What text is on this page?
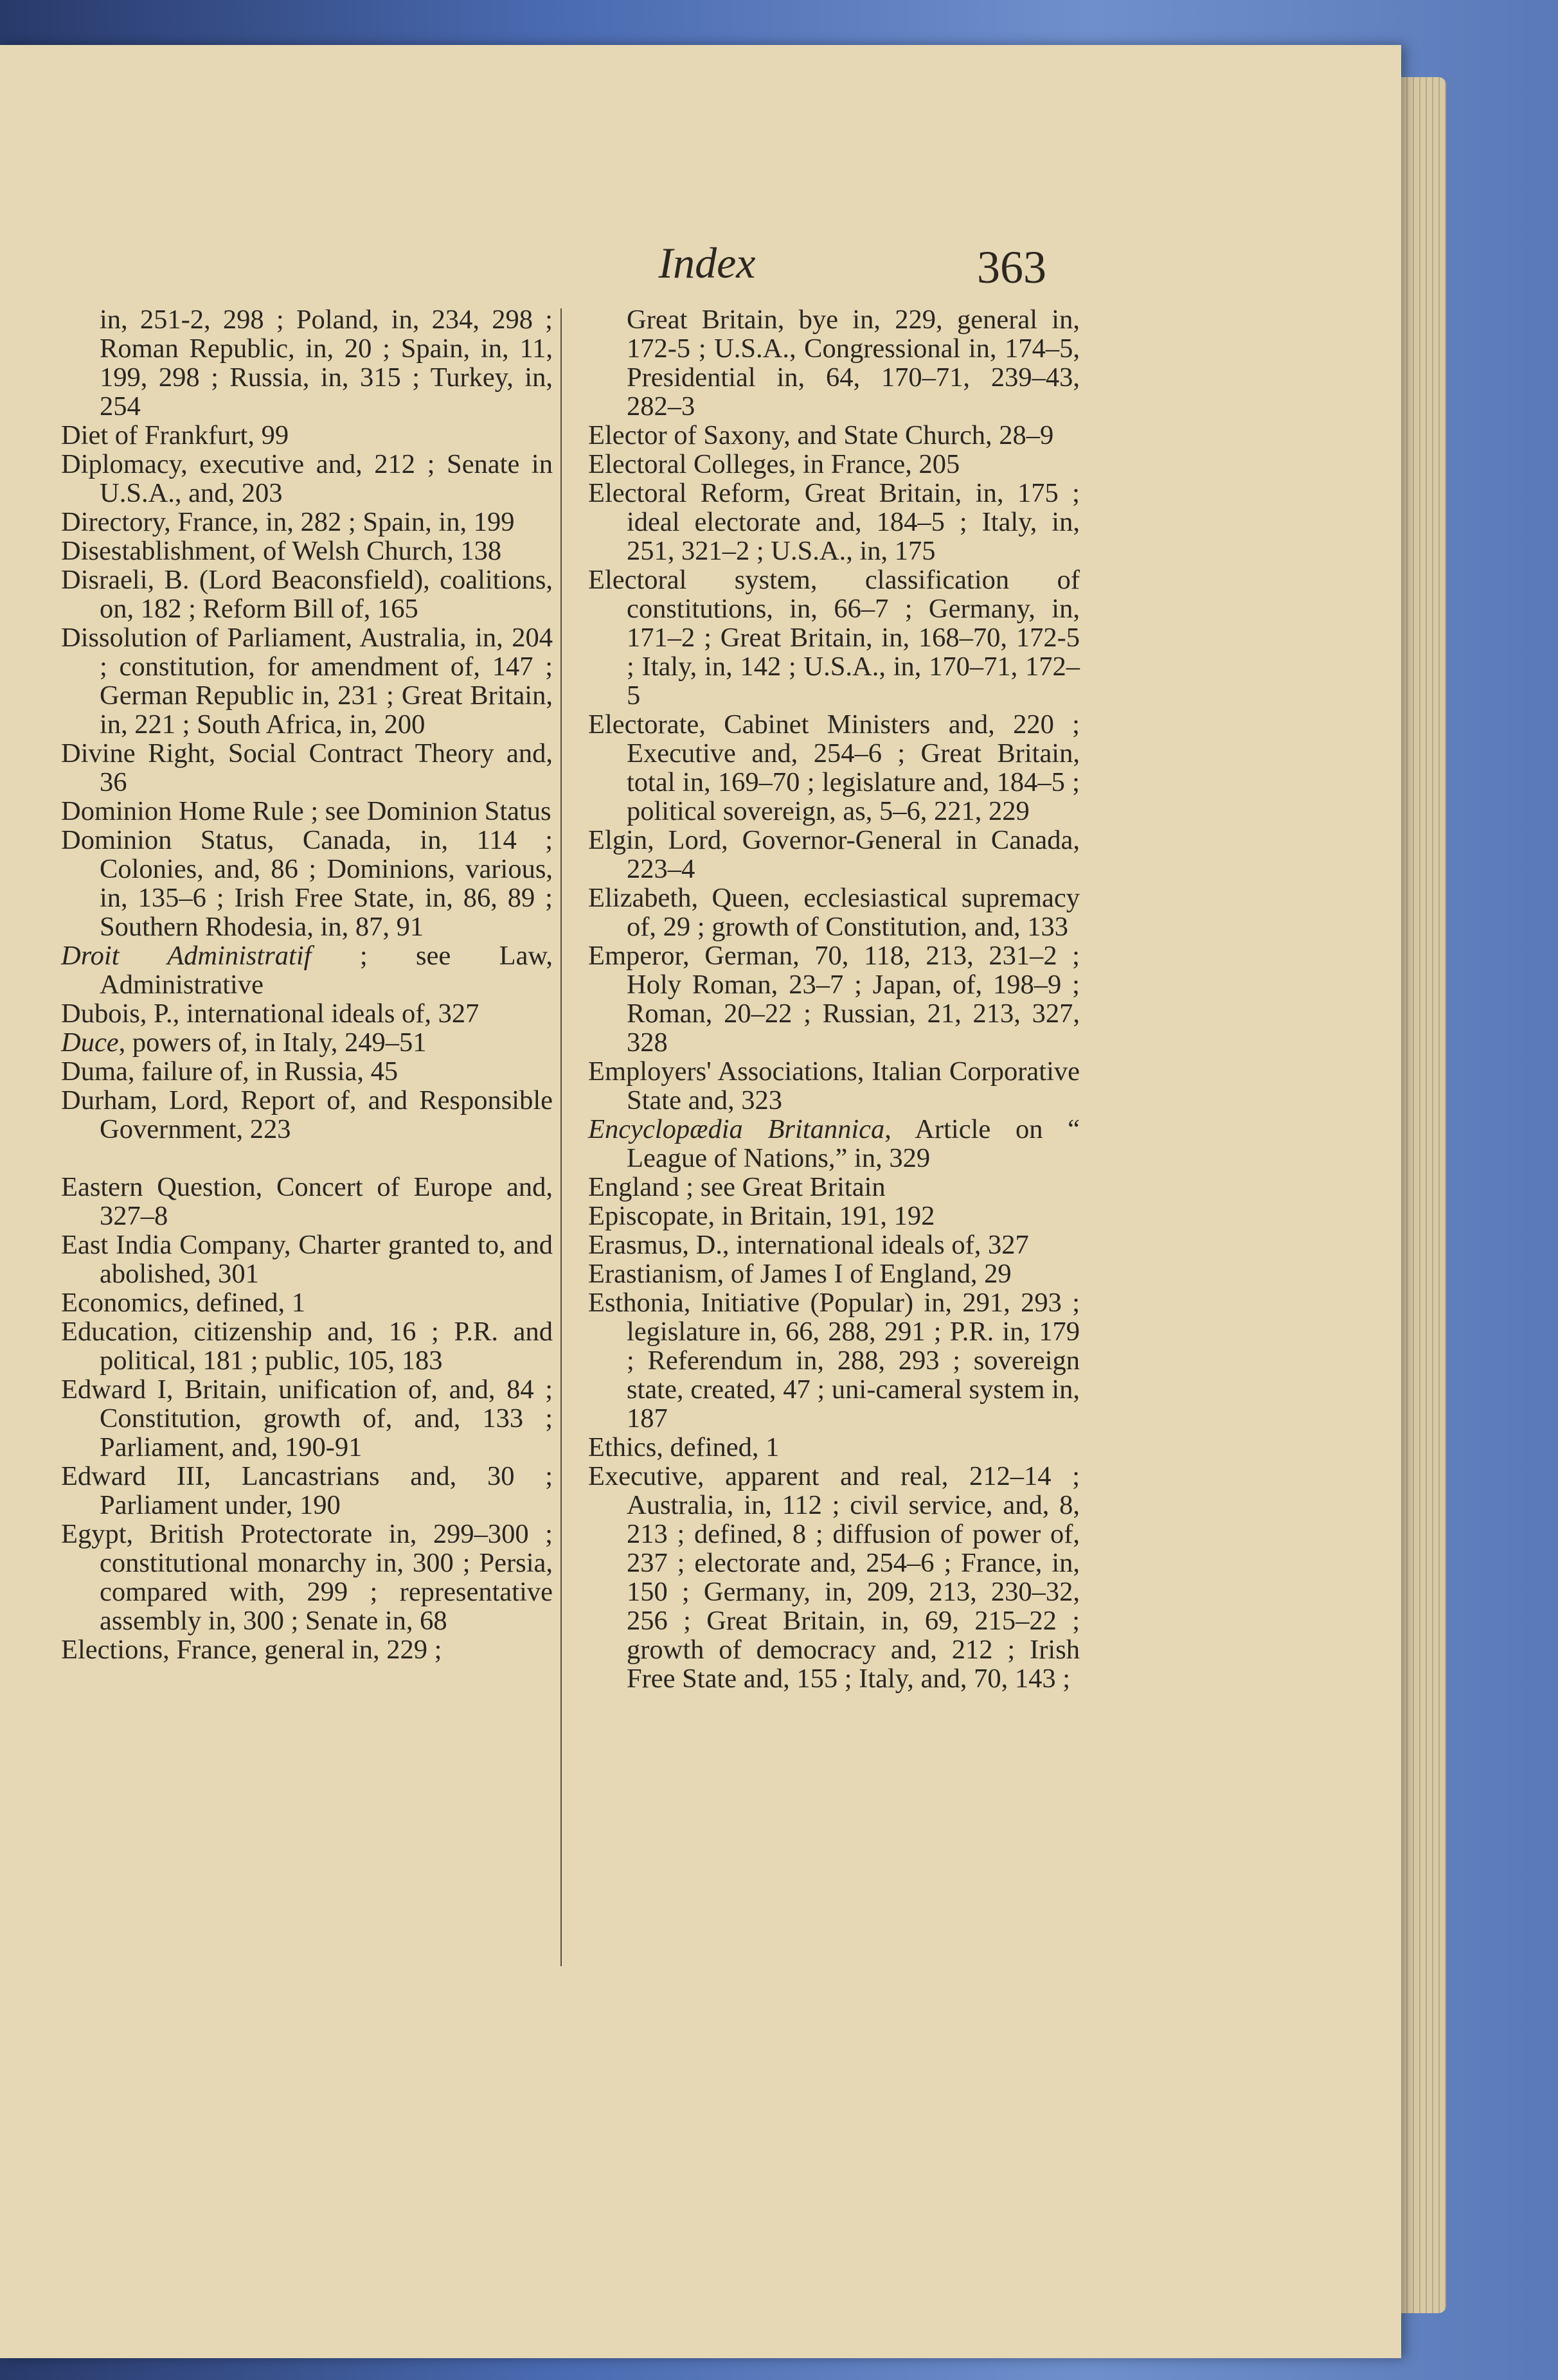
Index	363

in, 251-2, 298 ; Poland, in, 234, 298 ; Roman Republic, in, 20 ; Spain, in, 11, 199, 298 ; Russia, in, 315 ; Turkey, in, 254

Diet of Frankfurt, 99

Diplomacy, executive and, 212 ; Senate in U.S.A., and, 203

Directory, France, in, 282 ; Spain, in, 199

Disestablishment, of Welsh Church, 138

Disraeli, B. (Lord Beaconsfield), coalitions, on, 182 ; Reform Bill of, 165

Dissolution of Parliament, Australia, in, 204 ; constitution, for amendment of, 147 ; German Republic in, 231 ; Great Britain, in, 221 ; South Africa, in, 200

Divine Right, Social Contract Theory and, 36

Dominion Home Rule ; see Dominion Status

Dominion Status, Canada, in, 114 ; Colonies, and, 86 ; Dominions, various, in, 135–6 ; Irish Free State, in, 86, 89 ; Southern Rhodesia, in, 87, 91

Droit Administratif ; see Law, Administrative

Dubois, P., international ideals of, 327

Duce, powers of, in Italy, 249–51

Duma, failure of, in Russia, 45

Durham, Lord, Report of, and Responsible Government, 223

Eastern Question, Concert of Europe and, 327–8

East India Company, Charter granted to, and abolished, 301

Economics, defined, 1

Education, citizenship and, 16 ; P.R. and political, 181 ; public, 105, 183

Edward I, Britain, unification of, and, 84 ; Constitution, growth of, and, 133 ; Parliament, and, 190-91

Edward III, Lancastrians and, 30 ; Parliament under, 190

Egypt, British Protectorate in, 299–300 ; constitutional monarchy in, 300 ; Persia, compared with, 299 ; representative assembly in, 300 ; Senate in, 68

Elections, France, general in, 229 ;

Great Britain, bye in, 229, general in, 172-5 ; U.S.A., Congressional in, 174–5, Presidential in, 64, 170–71, 239–43, 282–3

Elector of Saxony, and State Church, 28–9

Electoral Colleges, in France, 205

Electoral Reform, Great Britain, in, 175 ; ideal electorate and, 184–5 ; Italy, in, 251, 321–2 ; U.S.A., in, 175

Electoral system, classification of constitutions, in, 66–7 ; Germany, in, 171–2 ; Great Britain, in, 168–70, 172-5 ; Italy, in, 142 ; U.S.A., in, 170–71, 172–5

Electorate, Cabinet Ministers and, 220 ; Executive and, 254–6 ; Great Britain, total in, 169–70 ; legislature and, 184–5 ; political sovereign, as, 5–6, 221, 229

Elgin, Lord, Governor-General in Canada, 223–4

Elizabeth, Queen, ecclesiastical supremacy of, 29 ; growth of Constitution, and, 133

Emperor, German, 70, 118, 213, 231–2 ; Holy Roman, 23–7 ; Japan, of, 198–9 ; Roman, 20–22 ; Russian, 21, 213, 327, 328

Employers' Associations, Italian Corporative State and, 323

Encyclopædia Britannica, Article on “ League of Nations,” in, 329

England ; see Great Britain

Episcopate, in Britain, 191, 192

Erasmus, D., international ideals of, 327

Erastianism, of James I of England, 29

Esthonia, Initiative (Popular) in, 291, 293 ; legislature in, 66, 288, 291 ; P.R. in, 179 ; Referendum in, 288, 293 ; sovereign state, created, 47 ; uni-cameral system in, 187

Ethics, defined, 1

Executive, apparent and real, 212–14 ; Australia, in, 112 ; civil service, and, 8, 213 ; defined, 8 ; diffusion of power of, 237 ; electorate and, 254–6 ; France, in, 150 ; Germany, in, 209, 213, 230–32, 256 ; Great Britain, in, 69, 215–22 ; growth of democracy and, 212 ; Irish Free State and, 155 ; Italy, and, 70, 143 ;
